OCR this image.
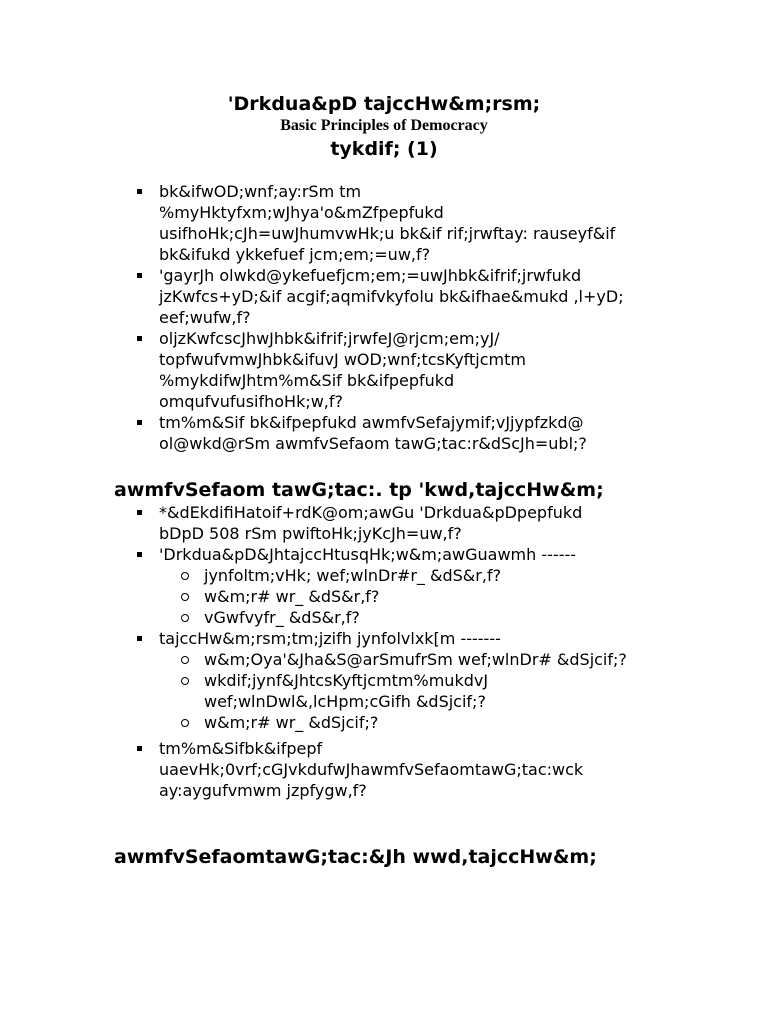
'Drkdua&pD tajccHw&m;rsm;
Basic Principles of Democracy
tykdif; (1)
bk&ifwOD;wnf;ay:rSm tm %myHktyfxm;wJhya'o&mZfpepfukd usifhoHk;cJh=uwJhumvwHk;u bk&if rif;jrwftay: rauseyf&if bk&ifukd ykkefuef jcm;em;=uw,f?
'gayrJh olwkd@ykefuefjcm;em;=uwJhbk&ifrif;jrwfukd jzKwfcs+yD;&if acgif;aqmifvkyfolu bk&ifhae&mukd ,l+yD; eef;wufw,f?
oljzKwfcscJhwJhbk&ifrif;jrwfeJ@rjcm;em;yJ/ topfwufvmwJhbk&ifuvJ wOD;wnf;tcsKyftjcmtm %mykdifwJhtm%m&Sif bk&ifpepfukd omqufvufusifhoHk;w,f?
tm%m&Sif bk&ifpepfukd awmfvSefajymif;vJjypfzkd@ ol@wkd@rSm awmfvSefaom tawG;tac:r&dScJh=ubl;?
awmfvSefaom tawG;tac:. tp 'kwd,tajccHw&m;
*&dEkdifiHatoif+rdK@om;awGu 'Drkdua&pDpepfukd bDpD 508 rSm pwiftoHk;jyKcJh=uw,f?
'Drkdua&pD&JhtajccHtusqHk;w&m;awGuawmh ------
jynfoltm;vHk; wef;wlnDr#r_ &dS&r,f?
w&m;r# wr_ &dS&r,f?
vGwfvyfr_ &dS&r,f?
tajccHw&m;rsm;tm;jzifh jynfolvlxk[m -------
w&m;Oya'&Jha&S@arSmufrSm wef;wlnDr# &dSjcif;?
wkdif;jynf&JhtcsKyftjcmtm%mukdvJ wef;wlnDwl&,lcHpm;cGifh &dSjcif;?
w&m;r# wr_ &dSjcif;?
tm%m&Sifbk&ifpepf uaevHk;0vrf;cGJvkdufwJhawmfvSefaomtawG;tac:wck ay:aygufvmwm jzpfygw,f?
awmfvSefaomtawG;tac:&Jh wwd,tajccHw&m;
